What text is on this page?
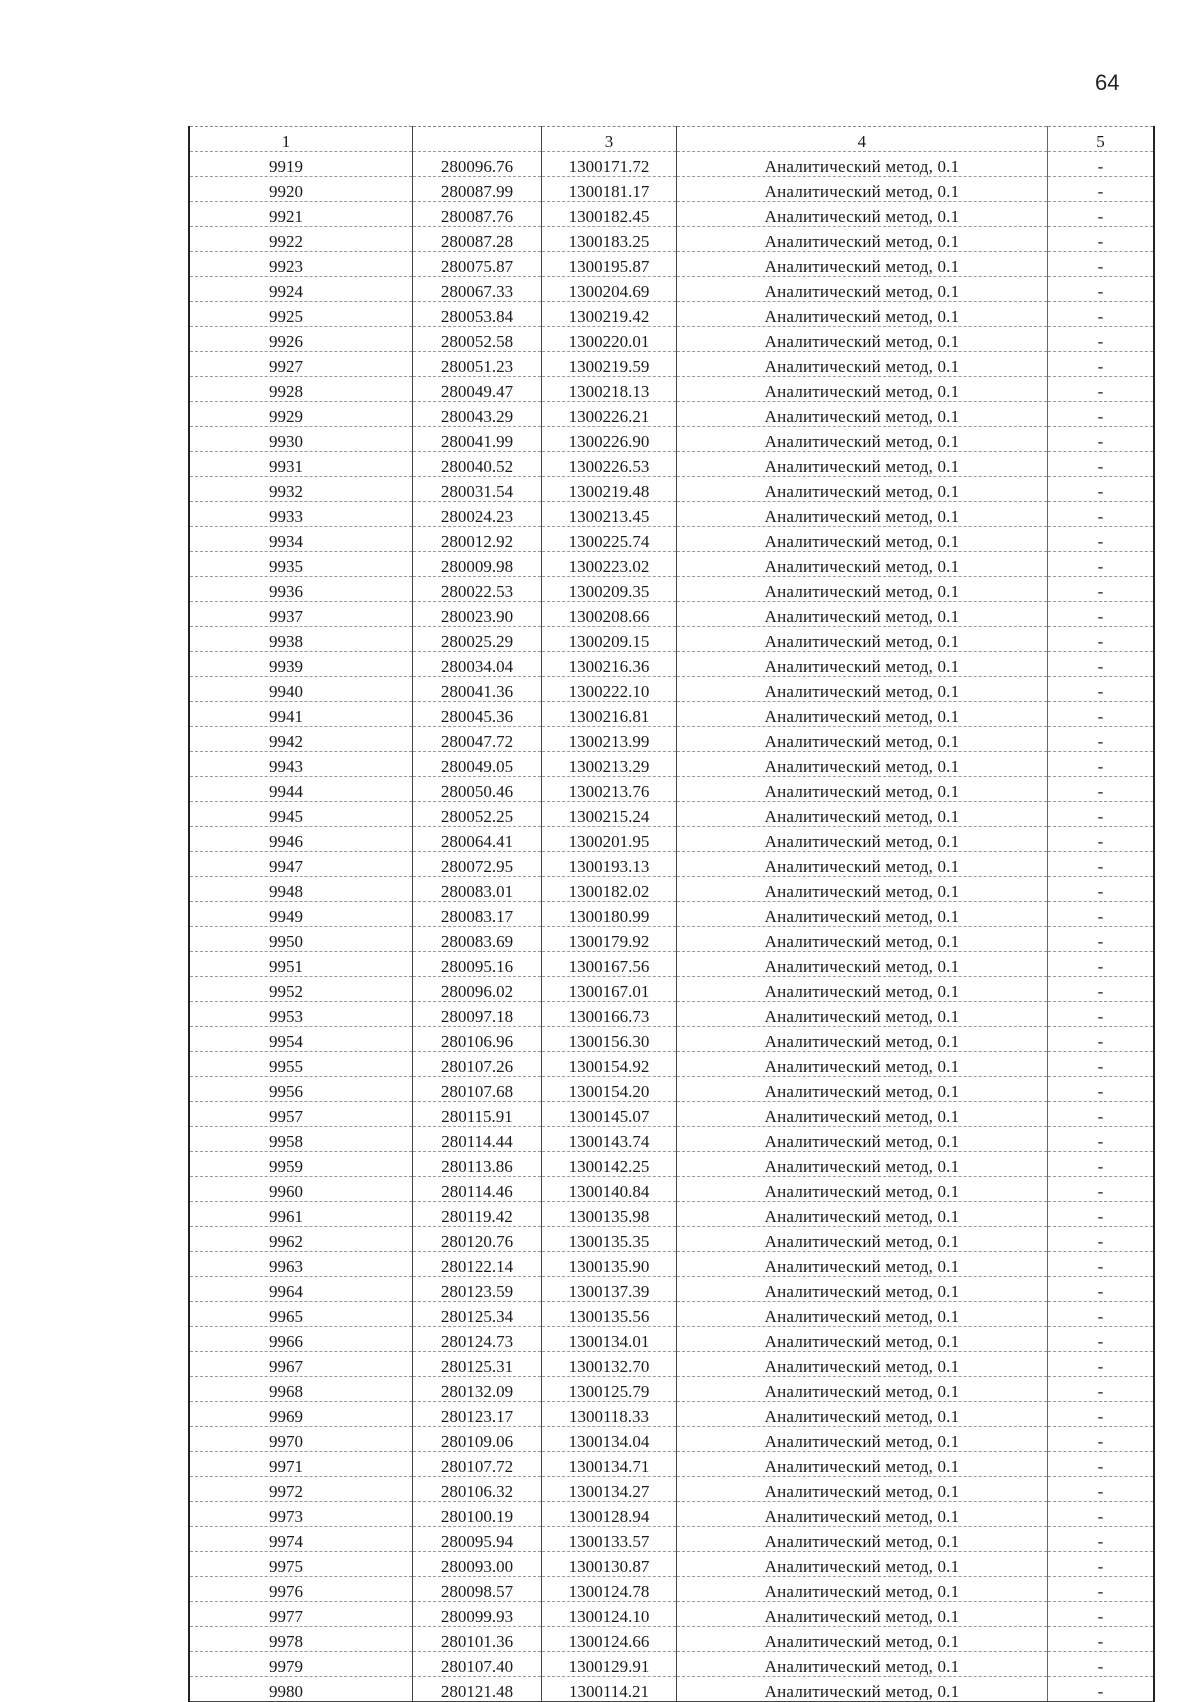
64
1		3	4	5
9919	280096.76	1300171.72	Аналитический метод, 0.1	-
9920	280087.99	1300181.17	Аналитический метод, 0.1	-
9921	280087.76	1300182.45	Аналитический метод, 0.1	-
9922	280087.28	1300183.25	Аналитический метод, 0.1	-
9923	280075.87	1300195.87	Аналитический метод, 0.1	-
9924	280067.33	1300204.69	Аналитический метод, 0.1	-
9925	280053.84	1300219.42	Аналитический метод, 0.1	-
9926	280052.58	1300220.01	Аналитический метод, 0.1	-
9927	280051.23	1300219.59	Аналитический метод, 0.1	-
9928	280049.47	1300218.13	Аналитический метод, 0.1	-
9929	280043.29	1300226.21	Аналитический метод, 0.1	-
9930	280041.99	1300226.90	Аналитический метод, 0.1	-
9931	280040.52	1300226.53	Аналитический метод, 0.1	-
9932	280031.54	1300219.48	Аналитический метод, 0.1	-
9933	280024.23	1300213.45	Аналитический метод, 0.1	-
9934	280012.92	1300225.74	Аналитический метод, 0.1	-
9935	280009.98	1300223.02	Аналитический метод, 0.1	-
9936	280022.53	1300209.35	Аналитический метод, 0.1	-
9937	280023.90	1300208.66	Аналитический метод, 0.1	-
9938	280025.29	1300209.15	Аналитический метод, 0.1	-
9939	280034.04	1300216.36	Аналитический метод, 0.1	-
9940	280041.36	1300222.10	Аналитический метод, 0.1	-
9941	280045.36	1300216.81	Аналитический метод, 0.1	-
9942	280047.72	1300213.99	Аналитический метод, 0.1	-
9943	280049.05	1300213.29	Аналитический метод, 0.1	-
9944	280050.46	1300213.76	Аналитический метод, 0.1	-
9945	280052.25	1300215.24	Аналитический метод, 0.1	-
9946	280064.41	1300201.95	Аналитический метод, 0.1	-
9947	280072.95	1300193.13	Аналитический метод, 0.1	-
9948	280083.01	1300182.02	Аналитический метод, 0.1	-
9949	280083.17	1300180.99	Аналитический метод, 0.1	-
9950	280083.69	1300179.92	Аналитический метод, 0.1	-
9951	280095.16	1300167.56	Аналитический метод, 0.1	-
9952	280096.02	1300167.01	Аналитический метод, 0.1	-
9953	280097.18	1300166.73	Аналитический метод, 0.1	-
9954	280106.96	1300156.30	Аналитический метод, 0.1	-
9955	280107.26	1300154.92	Аналитический метод, 0.1	-
9956	280107.68	1300154.20	Аналитический метод, 0.1	-
9957	280115.91	1300145.07	Аналитический метод, 0.1	-
9958	280114.44	1300143.74	Аналитический метод, 0.1	-
9959	280113.86	1300142.25	Аналитический метод, 0.1	-
9960	280114.46	1300140.84	Аналитический метод, 0.1	-
9961	280119.42	1300135.98	Аналитический метод, 0.1	-
9962	280120.76	1300135.35	Аналитический метод, 0.1	-
9963	280122.14	1300135.90	Аналитический метод, 0.1	-
9964	280123.59	1300137.39	Аналитический метод, 0.1	-
9965	280125.34	1300135.56	Аналитический метод, 0.1	-
9966	280124.73	1300134.01	Аналитический метод, 0.1	-
9967	280125.31	1300132.70	Аналитический метод, 0.1	-
9968	280132.09	1300125.79	Аналитический метод, 0.1	-
9969	280123.17	1300118.33	Аналитический метод, 0.1	-
9970	280109.06	1300134.04	Аналитический метод, 0.1	-
9971	280107.72	1300134.71	Аналитический метод, 0.1	-
9972	280106.32	1300134.27	Аналитический метод, 0.1	-
9973	280100.19	1300128.94	Аналитический метод, 0.1	-
9974	280095.94	1300133.57	Аналитический метод, 0.1	-
9975	280093.00	1300130.87	Аналитический метод, 0.1	-
9976	280098.57	1300124.78	Аналитический метод, 0.1	-
9977	280099.93	1300124.10	Аналитический метод, 0.1	-
9978	280101.36	1300124.66	Аналитический метод, 0.1	-
9979	280107.40	1300129.91	Аналитический метод, 0.1	-
9980	280121.48	1300114.21	Аналитический метод, 0.1	-
